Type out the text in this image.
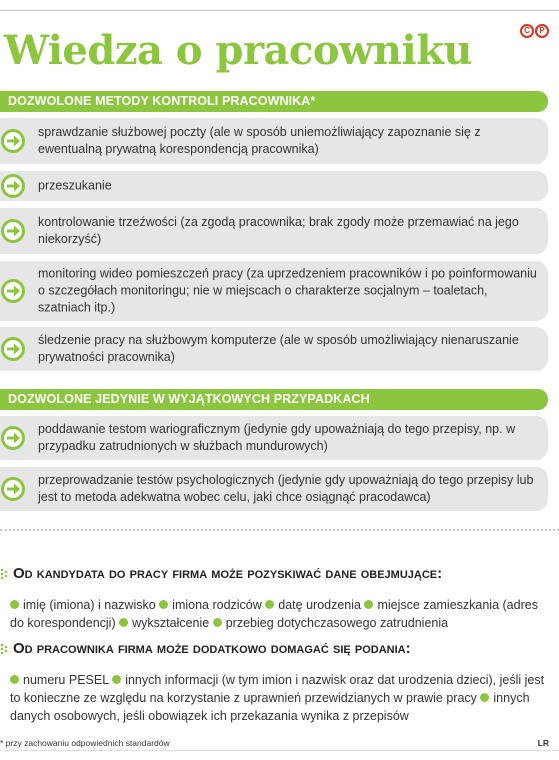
Wiedza o pracowniku	C	P
DOZWOLONE METODY KONTROLI PRACOWNIKA*
sprawdzanie służbowej poczty (ale w sposób uniemożliwiający zapoznanie się z ewentualną prywatną korespondencją pracownika)
przeszukanie
kontrolowanie trzeźwości (za zgodą pracownika; brak zgody może przemawiać na jego niekorzyść)
monitoring wideo pomieszczeń pracy (za uprzedzeniem pracowników i po poinformowaniu o szczegółach monitoringu; nie w miejscach o charakterze socjalnym – toaletach, szatniach itp.)
śledzenie pracy na służbowym komputerze (ale w sposób umożliwiający nienaruszanie prywatności pracownika)
DOZWOLONE JEDYNIE W WYJĄTKOWYCH PRZYPADKACH
poddawanie testom wariograficznym (jedynie gdy upoważniają do tego przepisy, np. w przypadku zatrudnionych w służbach mundurowych)
przeprowadzanie testów psychologicznych (jedynie gdy upoważniają do tego przepisy lub jest to metoda adekwatna wobec celu, jaki chce osiągnąć pracodawca)
Od kandydata do pracy firma może pozyskiwać dane obejmujące:
imię (imiona) i nazwisko imiona rodziców datę urodzenia miejsce zamieszkania (adres do korespondencji) wykształcenie przebieg dotychczasowego zatrudnienia
Od pracownika firma może dodatkowo domagać się podania:
numeru PESEL innych informacji (w tym imion i nazwisk oraz dat urodzenia dzieci), jeśli jest to konieczne ze względu na korzystanie z uprawnień przewidzianych w prawie pracy innych danych osobowych, jeśli obowiązek ich przekazania wynika z przepisów
* przy zachowaniu odpowiednich standardów	LR
